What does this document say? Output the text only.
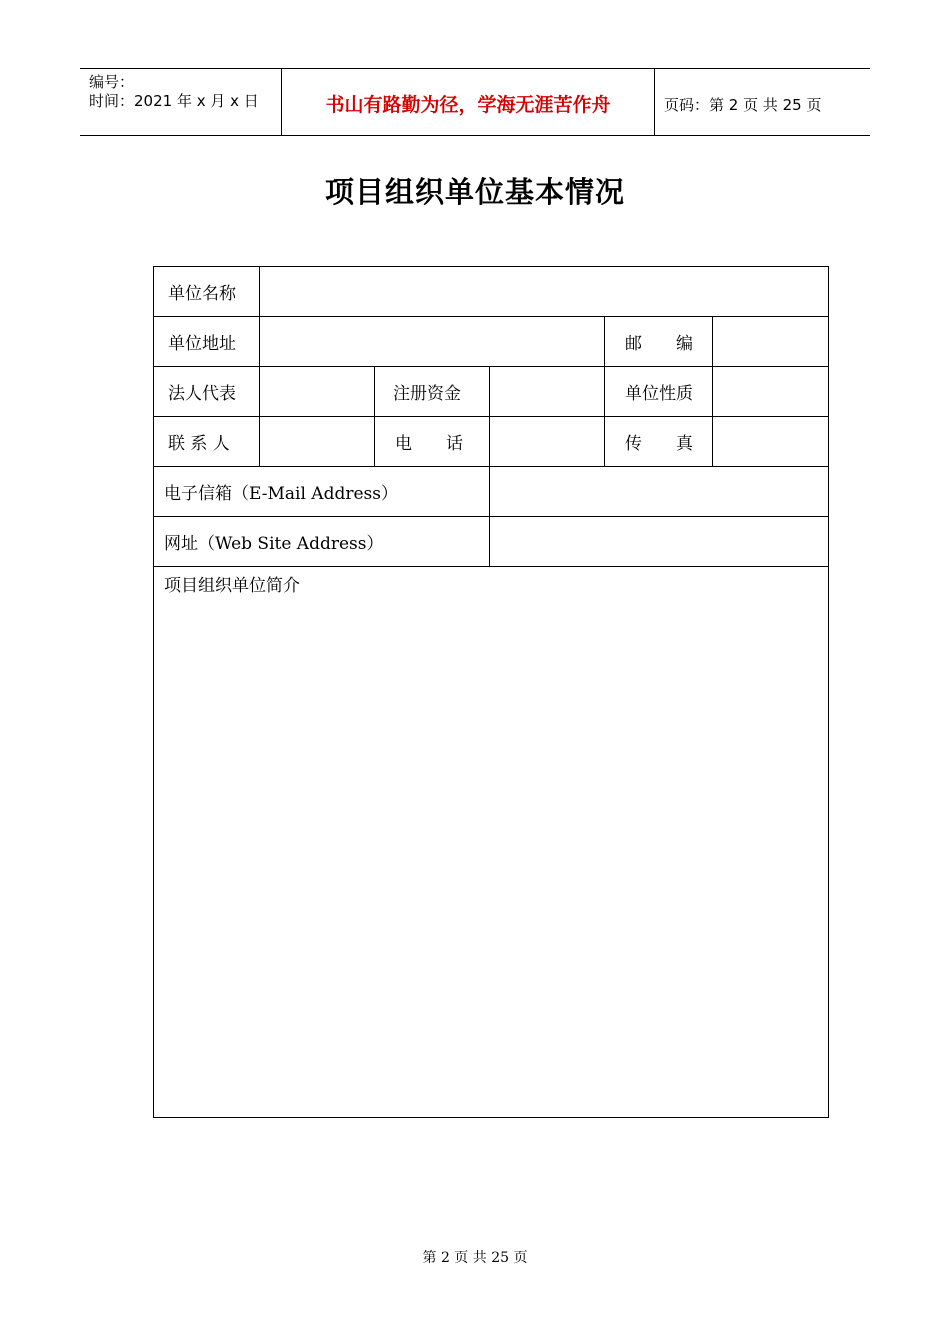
编号：
时间：2021 年 x 月 x 日	书山有路勤为径，学海无涯苦作舟	页码：第 2 页 共 25 页
项目组织单位基本情况
单位名称					
单位地址				邮　　编	
法人代表		注册资金		单位性质	
联 系 人		电　　话		传　　真	
电子信箱（E-Mail Address）					
网址（Web Site Address）					
项目组织单位简介					
第 2 页 共 25 页
